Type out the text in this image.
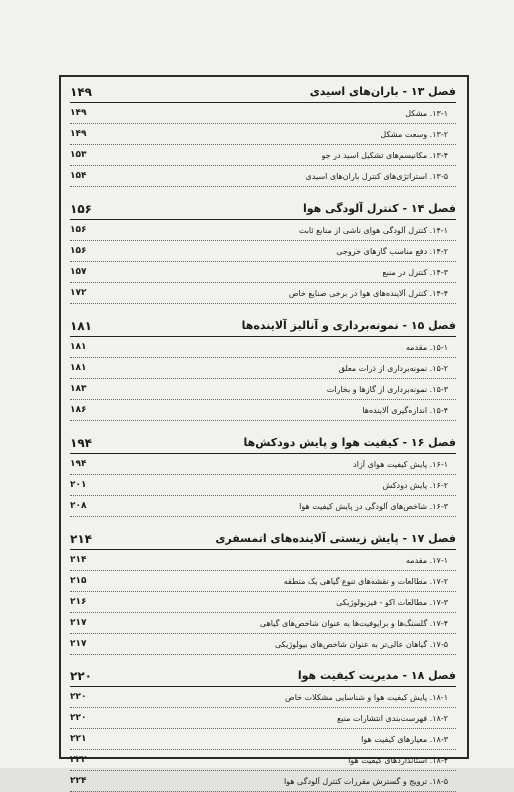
فصل ۱۳ - باران‌های اسیدی
۱۴۹
۱۳-۱. مشکل
۱۴۹
۱۳-۲. وسعت مشکل
۱۴۹
۱۳-۴. مکانیسم‌های تشکیل اسید در جو
۱۵۳
۱۳-۵. استراتژی‌های کنترل باران‌های اسیدی
۱۵۴
فصل ۱۴ - کنترل آلودگی هوا
۱۵۶
۱۴-۱. کنترل آلودگی هوای ناشی از منابع ثابت
۱۵۶
۱۴-۲. دفع مناسب گازهای خروجی
۱۵۶
۱۴-۳. کنترل در منبع
۱۵۷
۱۴-۴. کنترل آلاینده‌های هوا در برخی صنایع خاص
۱۷۲
فصل ۱۵ - نمونه‌برداری و آنالیز آلاینده‌ها
۱۸۱
۱۵-۱. مقدمه
۱۸۱
۱۵-۲. نمونه‌برداری از ذرات معلق
۱۸۱
۱۵-۳. نمونه‌برداری از گازها و بخارات
۱۸۳
۱۵-۴. اندازه‌گیری آلاینده‌ها
۱۸۶
فصل ۱۶ - کیفیت هوا و پایش دودکش‌ها
۱۹۴
۱۶-۱. پایش کیفیت هوای آزاد
۱۹۴
۱۶-۲. پایش دودکش
۲۰۱
۱۶-۳. شاخص‌های آلودگی در پایش کیفیت هوا
۲۰۸
فصل ۱۷ - پایش زیستی آلاینده‌های اتمسفری
۲۱۴
۱۷-۱. مقدمه
۲۱۴
۱۷-۲. مطالعات و نقشه‌های تنوع گیاهی یک منطقه
۲۱۵
۱۷-۳. مطالعات اکو - فیزیولوژیکی
۲۱۶
۱۷-۴. گلسنگ‌ها و برایوفیت‌ها به عنوان شاخص‌های گیاهی
۲۱۷
۱۷-۵. گیاهان عالی‌تر به عنوان شاخص‌های بیولوژیکی
۲۱۷
فصل ۱۸ - مدیریت کیفیت هوا
۲۲۰
۱۸-۱. پایش کیفیت هوا و شناسایی مشکلات خاص
۲۲۰
۱۸-۲. فهرست‌بندی انتشارات منبع
۲۲۰
۱۸-۳. معیارهای کیفیت هوا
۲۲۱
۱۸-۴. استانداردهای کیفیت هوا
۲۲۲
۱۸-۵. ترویج و گسترش مقررات کنترل آلودگی هوا
۲۲۴
